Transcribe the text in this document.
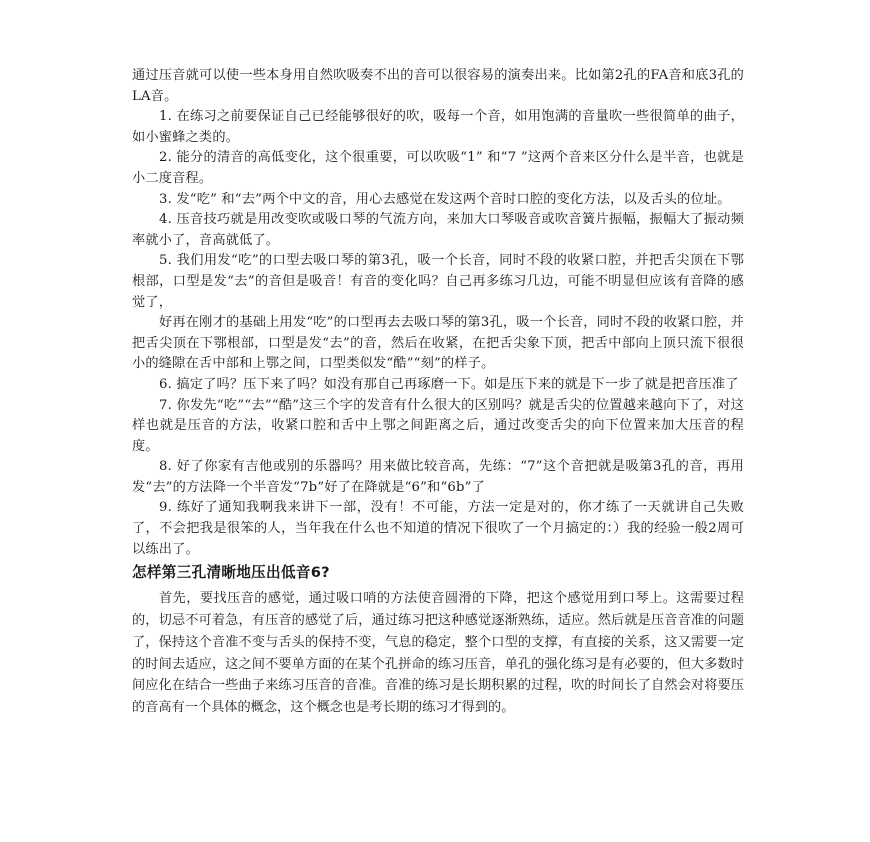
通过压音就可以使一些本身用自然吹吸奏不出的音可以很容易的演奏出来。比如第2孔的FA音和底3孔的LA音。

1. 在练习之前要保证自己已经能够很好的吹，吸每一个音，如用饱满的音量吹一些很简单的曲子，如小蜜蜂之类的。

2. 能分的清音的高低变化，这个很重要，可以吹吸“1” 和“7 ”这两个音来区分什么是半音，也就是小二度音程。

3. 发“吃” 和“去”两个中文的音，用心去感觉在发这两个音时口腔的变化方法，以及舌头的位址。

4. 压音技巧就是用改变吹或吸口琴的气流方向，来加大口琴吸音或吹音簧片振幅，振幅大了振动频率就小了，音高就低了。

5. 我们用发“吃”的口型去吸口琴的第3孔，吸一个长音，同时不段的收紧口腔，并把舌尖顶在下鄂根部，口型是发“去”的音但是吸音！有音的变化吗？自己再多练习几边，可能不明显但应该有音降的感觉了，

好再在刚才的基础上用发“吃”的口型再去去吸口琴的第3孔，吸一个长音，同时不段的收紧口腔，并把舌尖顶在下鄂根部，口型是发“去”的音，然后在收紧，在把舌尖象下顶，把舌中部向上顶只流下很很小的缝隙在舌中部和上鄂之间，口型类似发“酷”“刻”的样子。

6. 搞定了吗？压下来了吗？如没有那自己再琢磨一下。如是压下来的就是下一步了就是把音压准了

7. 你发先“吃”“去”“酷”这三个字的发音有什么很大的区别吗？就是舌尖的位置越来越向下了，对这样也就是压音的方法，收紧口腔和舌中上鄂之间距离之后，通过改变舌尖的向下位置来加大压音的程度。

8. 好了你家有吉他或别的乐器吗？用来做比较音高，先练：“7”这个音把就是吸第3孔的音，再用发“去”的方法降一个半音发“7b”好了在降就是“6”和“6b”了

9. 练好了通知我啊我来讲下一部，没有！不可能，方法一定是对的，你才练了一天就讲自己失败了，不会把我是很笨的人，当年我在什么也不知道的情况下很吹了一个月搞定的：）我的经验一般2周可以练出了。

怎样第三孔清晰地压出低音6?

首先，要找压音的感觉，通过吸口哨的方法使音圆滑的下降，把这个感觉用到口琴上。这需要过程的，切忌不可着急，有压音的感觉了后，通过练习把这种感觉逐渐熟练，适应。然后就是压音音准的问题了，保持这个音准不变与舌头的保持不变，气息的稳定，整个口型的支撑，有直接的关系，这又需要一定的时间去适应，这之间不要单方面的在某个孔拼命的练习压音，单孔的强化练习是有必要的，但大多数时间应化在结合一些曲子来练习压音的音准。音准的练习是长期积累的过程，吹的时间长了自然会对将要压的音高有一个具体的概念，这个概念也是考长期的练习才得到的。
